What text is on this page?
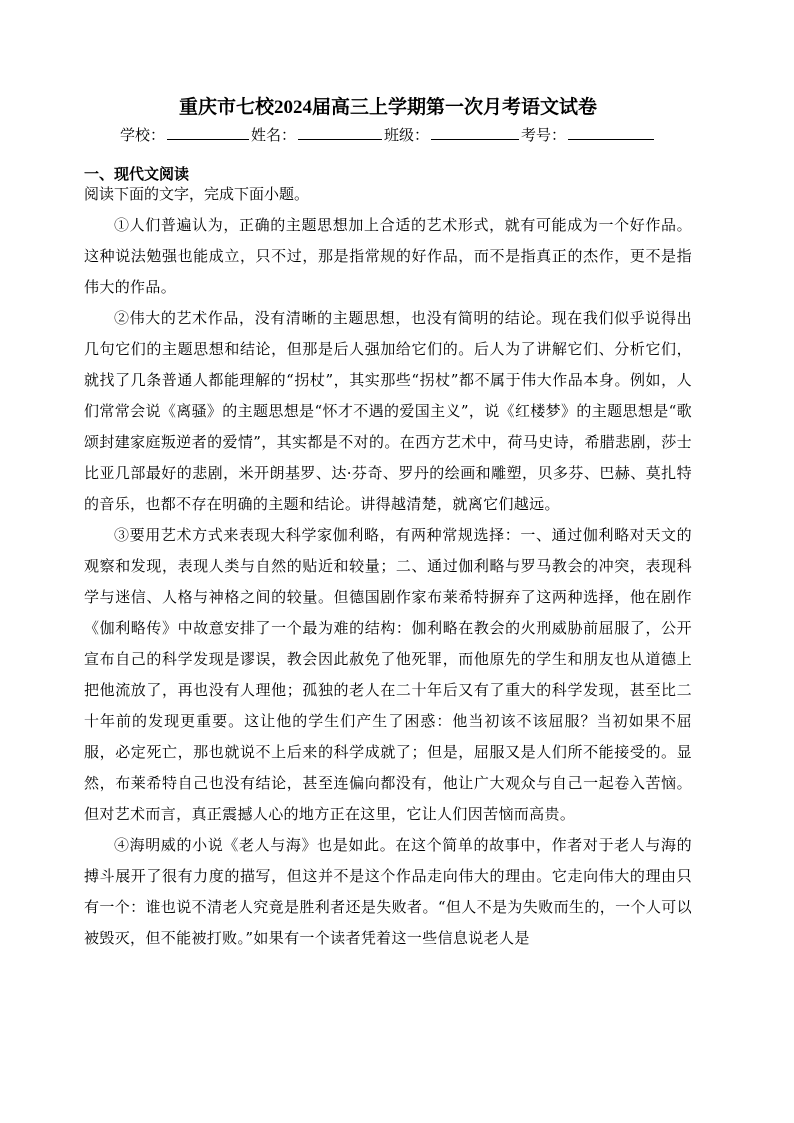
重庆市七校2024届高三上学期第一次月考语文试卷
学校：	姓名：	班级：	考号：
一、现代文阅读

阅读下面的文字，完成下面小题。

①人们普遍认为，正确的主题思想加上合适的艺术形式，就有可能成为一个好作品。这种说法勉强也能成立，只不过，那是指常规的好作品，而不是指真正的杰作，更不是指伟大的作品。

②伟大的艺术作品，没有清晰的主题思想，也没有简明的结论。现在我们似乎说得出几句它们的主题思想和结论，但那是后人强加给它们的。后人为了讲解它们、分析它们，就找了几条普通人都能理解的“拐杖”，其实那些“拐杖”都不属于伟大作品本身。例如，人们常常会说《离骚》的主题思想是“怀才不遇的爱国主义”，说《红楼梦》的主题思想是“歌颂封建家庭叛逆者的爱情”，其实都是不对的。在西方艺术中，荷马史诗，希腊悲剧，莎士比亚几部最好的悲剧，米开朗基罗、达·芬奇、罗丹的绘画和雕塑，贝多芬、巴赫、莫扎特的音乐，也都不存在明确的主题和结论。讲得越清楚，就离它们越远。

③要用艺术方式来表现大科学家伽利略，有两种常规选择：一、通过伽利略对天文的观察和发现，表现人类与自然的贴近和较量；二、通过伽利略与罗马教会的冲突，表现科学与迷信、人格与神格之间的较量。但德国剧作家布莱希特摒弃了这两种选择，他在剧作《伽利略传》中故意安排了一个最为难的结构：伽利略在教会的火刑威胁前屈服了，公开宣布自己的科学发现是谬误，教会因此赦免了他死罪，而他原先的学生和朋友也从道德上把他流放了，再也没有人理他；孤独的老人在二十年后又有了重大的科学发现，甚至比二十年前的发现更重要。这让他的学生们产生了困惑：他当初该不该屈服？当初如果不屈服，必定死亡，那也就说不上后来的科学成就了；但是，屈服又是人们所不能接受的。显然，布莱希特自己也没有结论，甚至连偏向都没有，他让广大观众与自己一起卷入苦恼。但对艺术而言，真正震撼人心的地方正在这里，它让人们因苦恼而高贵。

④海明威的小说《老人与海》也是如此。在这个简单的故事中，作者对于老人与海的搏斗展开了很有力度的描写，但这并不是这个作品走向伟大的理由。它走向伟大的理由只有一个：谁也说不清老人究竟是胜利者还是失败者。“但人不是为失败而生的，一个人可以被毁灭，但不能被打败。”如果有一个读者凭着这一些信息说老人是
